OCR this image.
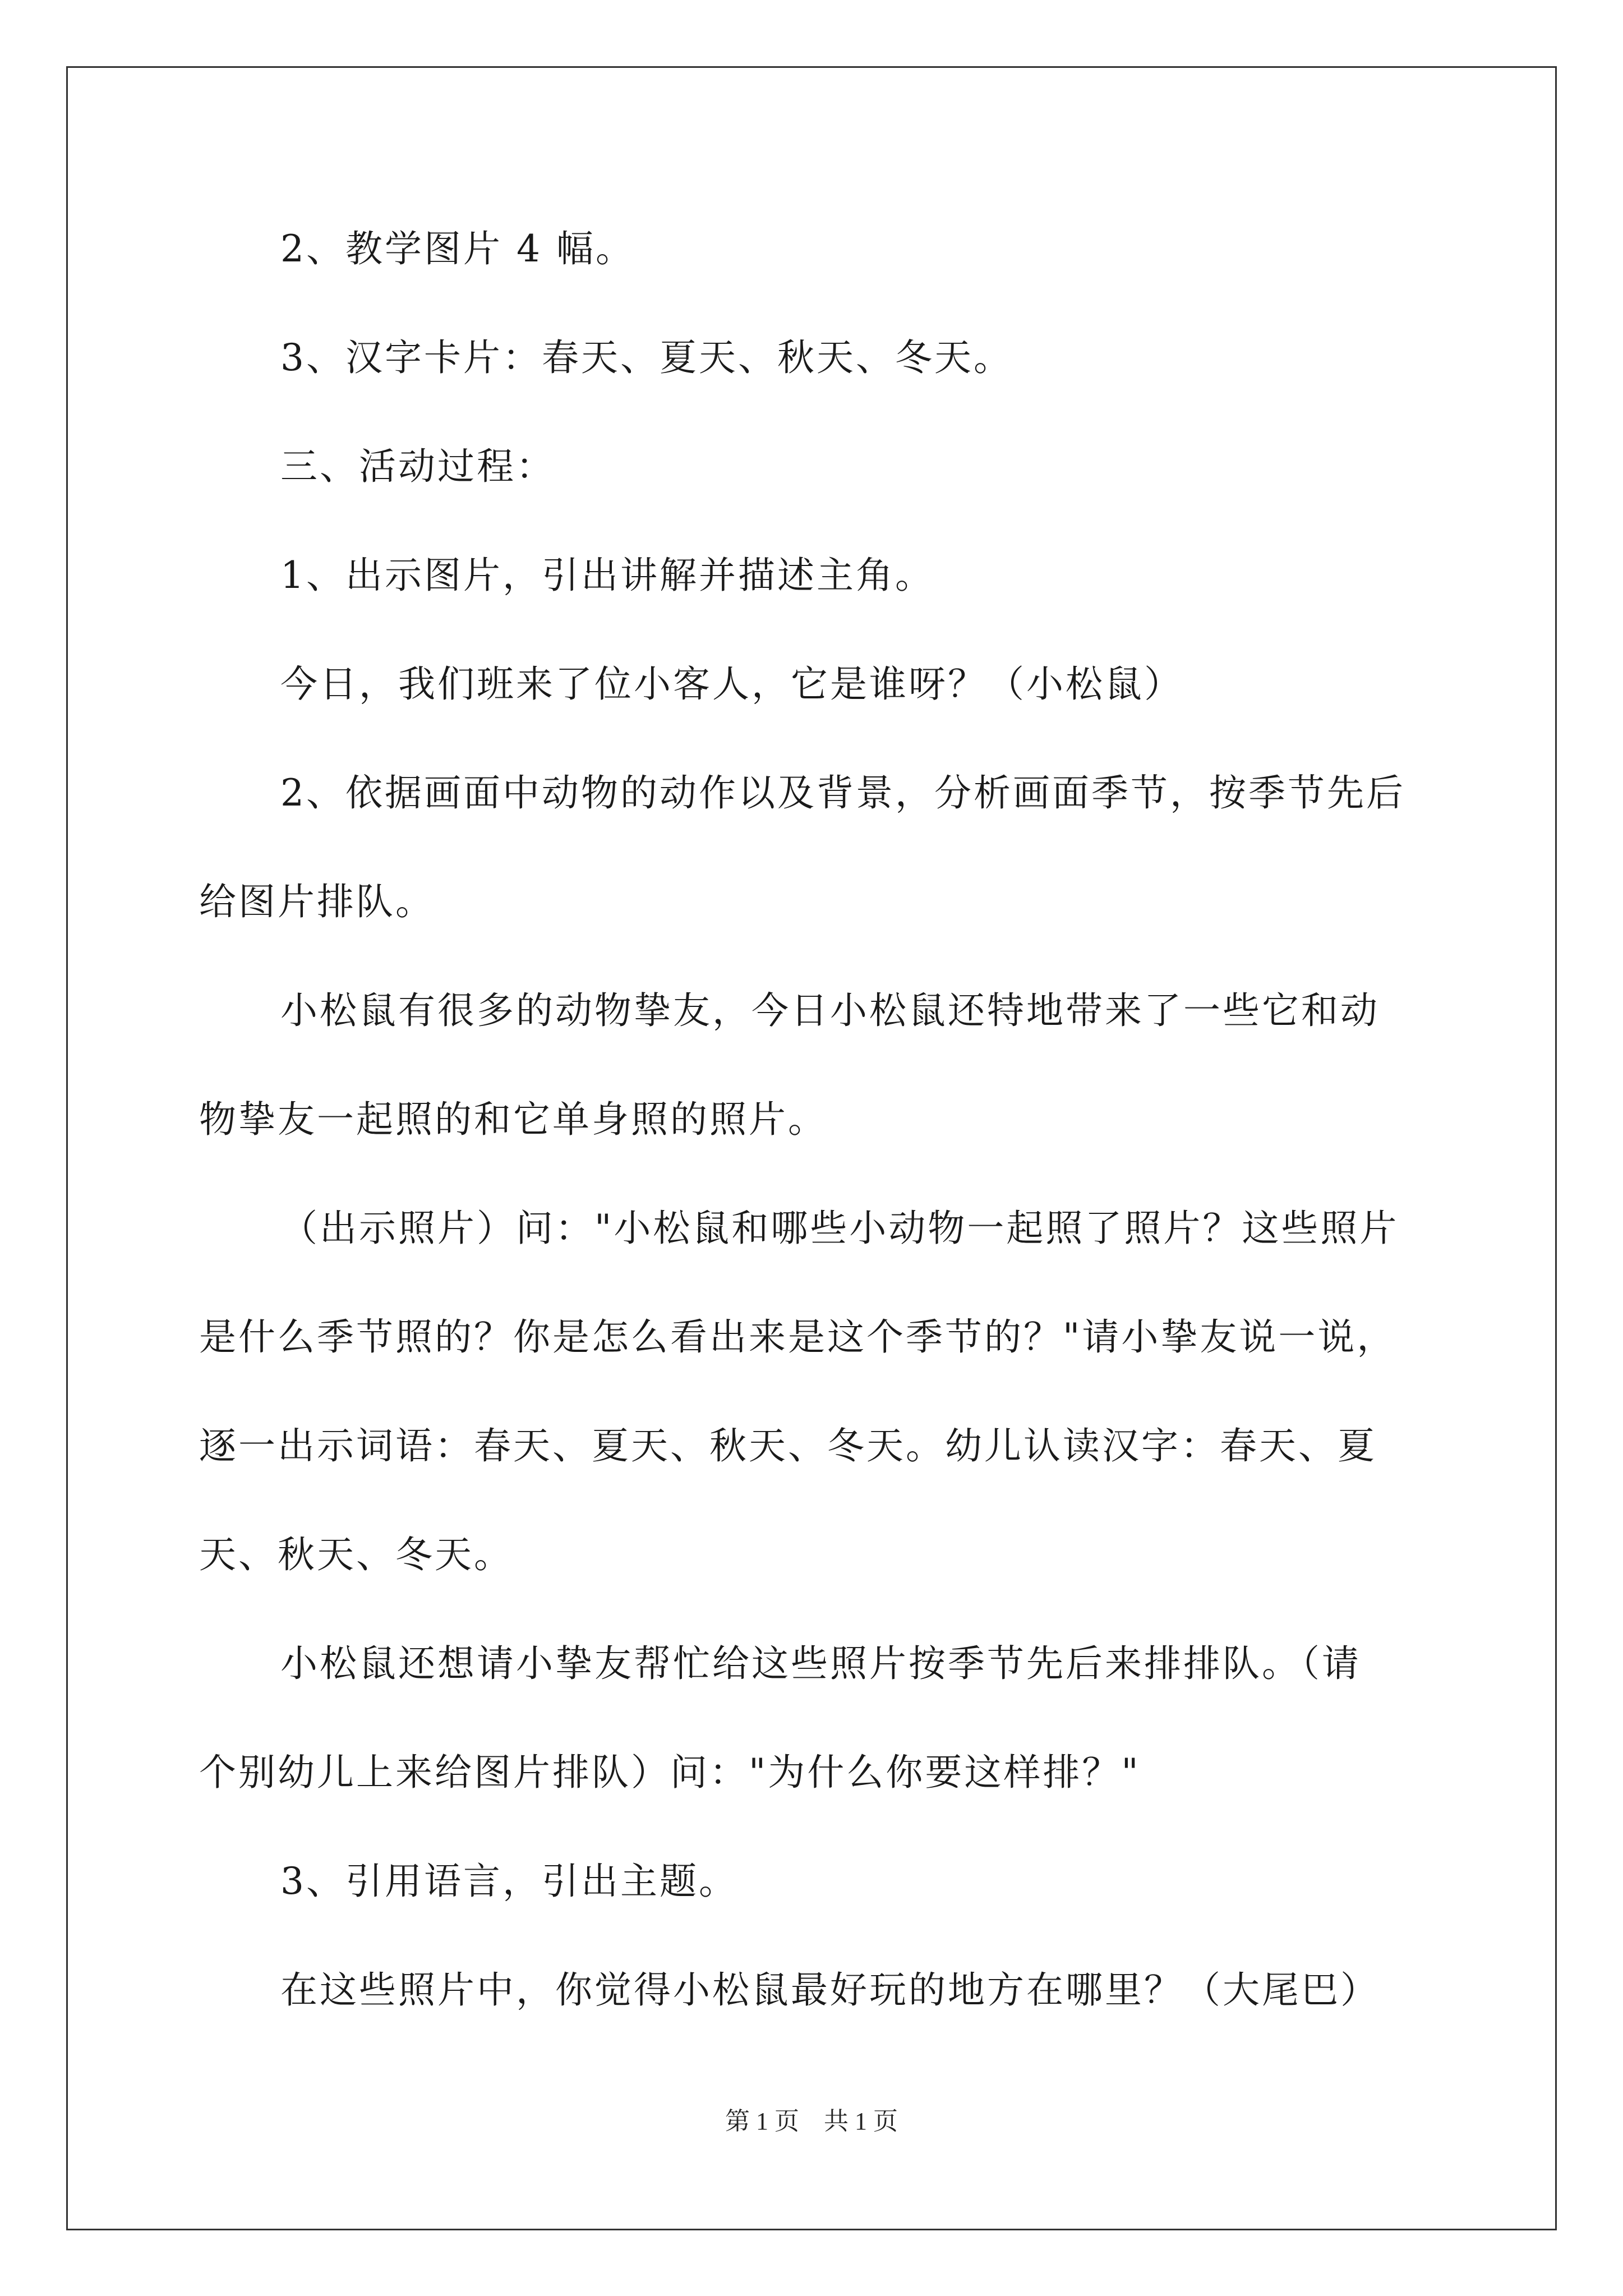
2、教学图片 4 幅。
3、汉字卡片：春天、夏天、秋天、冬天。
三、活动过程：
1、出示图片，引出讲解并描述主角。
今日，我们班来了位小客人，它是谁呀？（小松鼠）
2、依据画面中动物的动作以及背景，分析画面季节，按季节先后
给图片排队。
小松鼠有很多的动物挚友，今日小松鼠还特地带来了一些它和动
物挚友一起照的和它单身照的照片。
（出示照片）问："小松鼠和哪些小动物一起照了照片？这些照片
是什么季节照的？你是怎么看出来是这个季节的？"请小挚友说一说，
逐一出示词语：春天、夏天、秋天、冬天。幼儿认读汉字：春天、夏
天、秋天、冬天。
小松鼠还想请小挚友帮忙给这些照片按季节先后来排排队。（请
个别幼儿上来给图片排队）问："为什么你要这样排？"
3、引用语言，引出主题。
在这些照片中，你觉得小松鼠最好玩的地方在哪里？（大尾巴）
第 1 页　共 1 页
